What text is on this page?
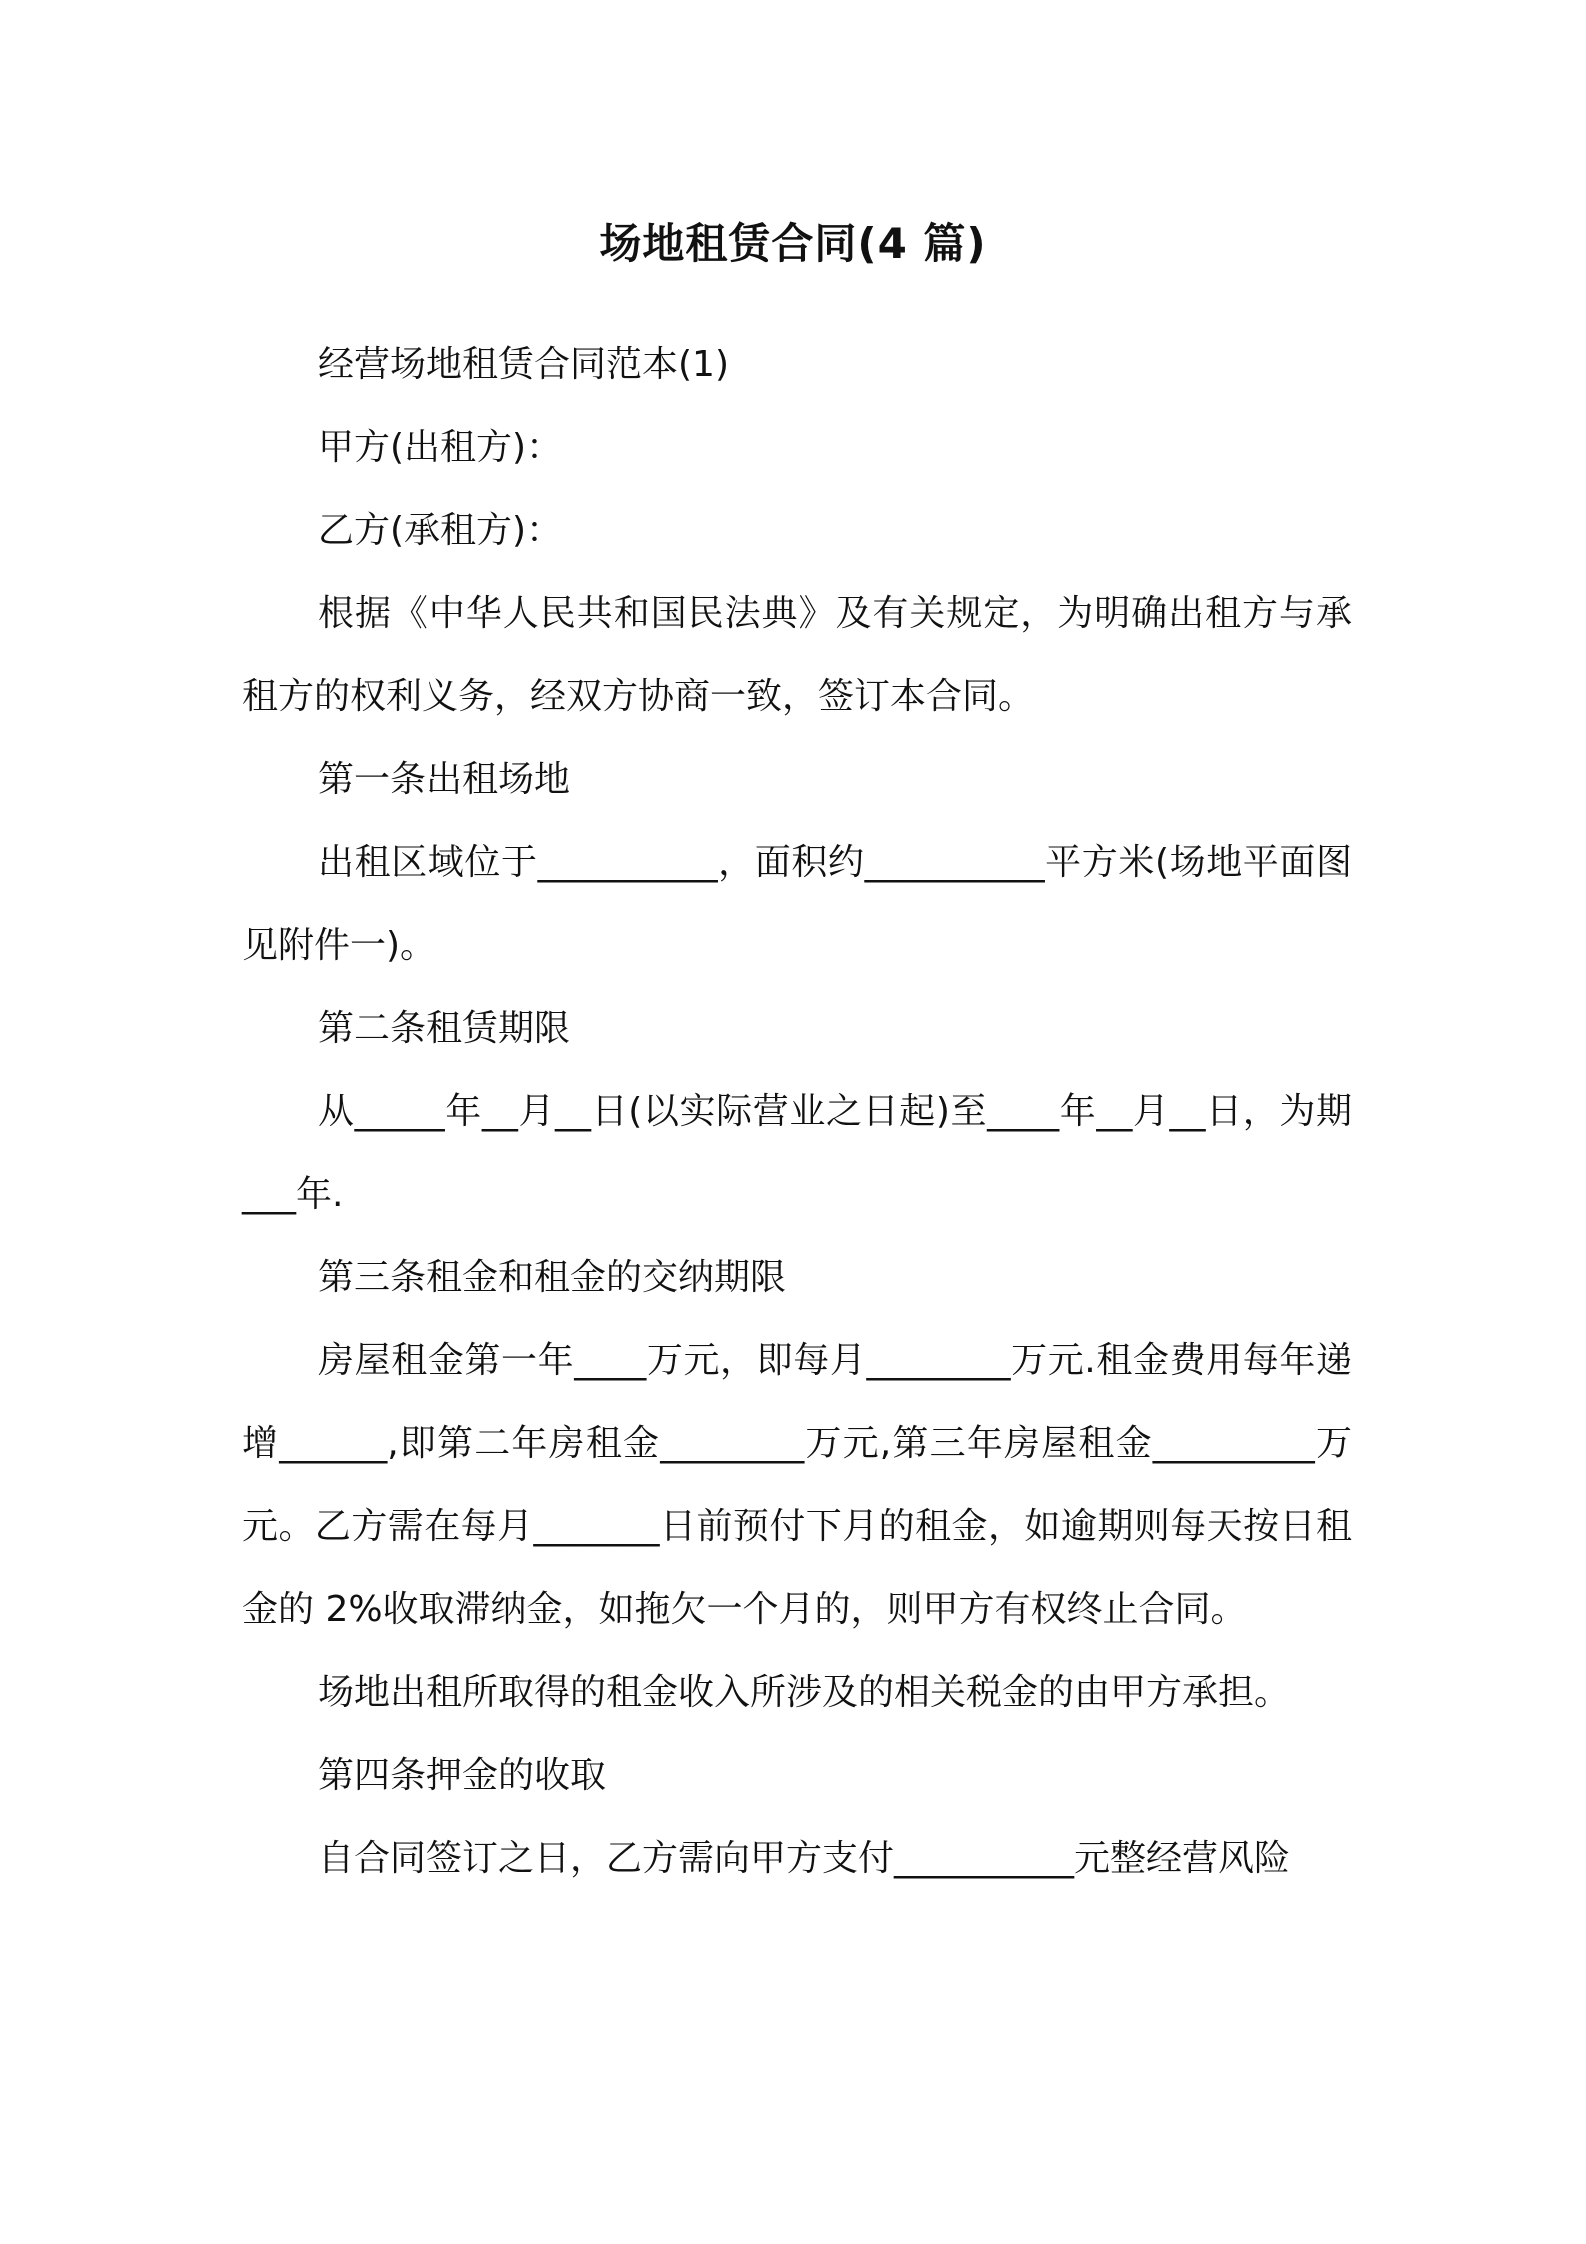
场地租赁合同(4 篇)

经营场地租赁合同范本(1)

甲方(出租方)：

乙方(承租方)：

根据《中华人民共和国民法典》及有关规定，为明确出租方与承租方的权利义务，经双方协商一致，签订本合同。

第一条出租场地

出租区域位于__________，面积约__________平方米(场地平面图见附件一)。

第二条租赁期限

从_____年__月__日(以实际营业之日起)至____年__月__日，为期___年.

第三条租金和租金的交纳期限

房屋租金第一年____万元，即每月________万元.租金费用每年递增______,即第二年房租金________万元,第三年房屋租金_________万元。乙方需在每月_______日前预付下月的租金，如逾期则每天按日租金的 2%收取滞纳金，如拖欠一个月的，则甲方有权终止合同。

场地出租所取得的租金收入所涉及的相关税金的由甲方承担。

第四条押金的收取

自合同签订之日，乙方需向甲方支付__________元整经营风险
